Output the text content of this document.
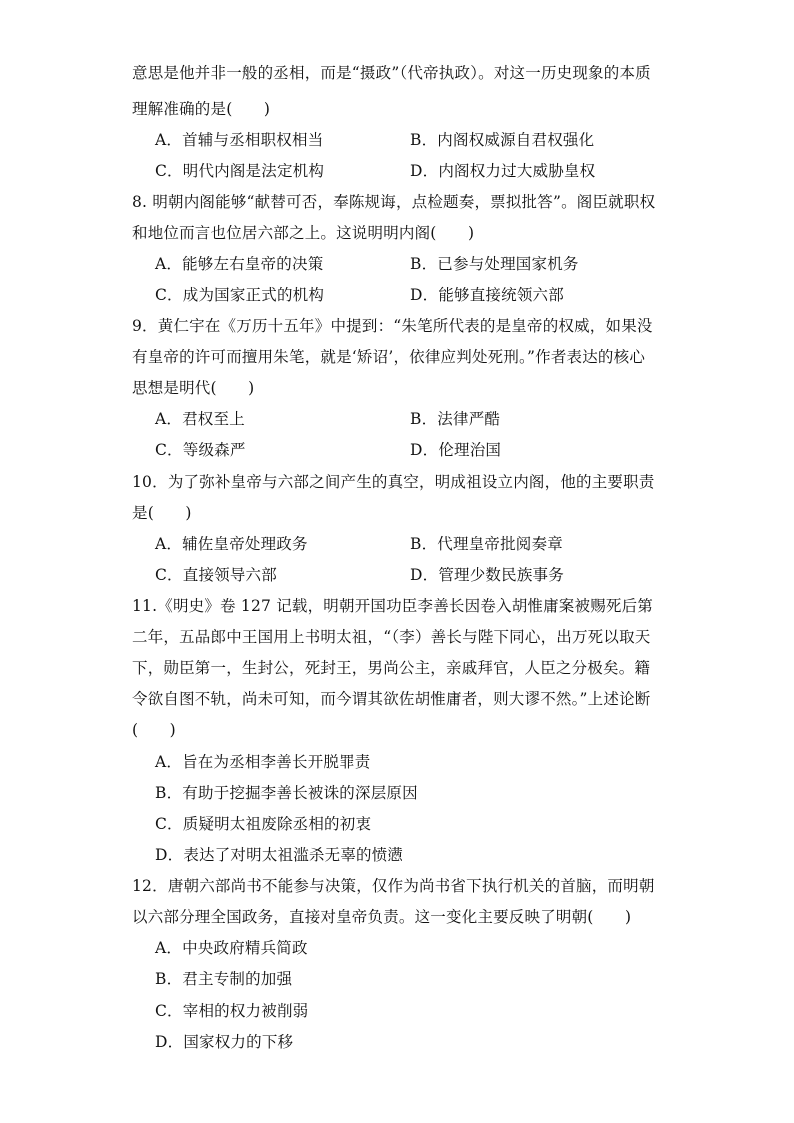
意思是他并非一般的丞相，而是“摄政”（代帝执政）。对这一历史现象的本质
理解准确的是(　　)
A．首辅与丞相职权相当	B．内阁权威源自君权强化
C．明代内阁是法定机构	D．内阁权力过大威胁皇权
8. 明朝内阁能够“献替可否，奉陈规诲，点检题奏，票拟批答”。阁臣就职权
和地位而言也位居六部之上。这说明明内阁(　　)
A．能够左右皇帝的决策	B．已参与处理国家机务
C．成为国家正式的机构	D．能够直接统领六部
9．黄仁宇在《万历十五年》中提到：“朱笔所代表的是皇帝的权威，如果没
有皇帝的许可而擅用朱笔，就是‘矫诏’，依律应判处死刑。”作者表达的核心
思想是明代(　　)
A．君权至上	B．法律严酷
C．等级森严	D．伦理治国
10．为了弥补皇帝与六部之间产生的真空，明成祖设立内阁，他的主要职责
是(　　)
A．辅佐皇帝处理政务	B．代理皇帝批阅奏章
C．直接领导六部	D．管理少数民族事务
11.《明史》卷 127 记载，明朝开国功臣李善长因卷入胡惟庸案被赐死后第
二年，五品郎中王国用上书明太祖，“（李）善长与陛下同心，出万死以取天
下，勋臣第一，生封公，死封王，男尚公主，亲戚拜官，人臣之分极矣。籍
令欲自图不轨，尚未可知，而今谓其欲佐胡惟庸者，则大谬不然。”上述论断
(　　)
A．旨在为丞相李善长开脱罪责
B．有助于挖掘李善长被诛的深层原因
C．质疑明太祖废除丞相的初衷
D．表达了对明太祖滥杀无辜的愤懑
12．唐朝六部尚书不能参与决策，仅作为尚书省下执行机关的首脑，而明朝
以六部分理全国政务，直接对皇帝负责。这一变化主要反映了明朝(　　)
A．中央政府精兵简政
B．君主专制的加强
C．宰相的权力被削弱
D．国家权力的下移
